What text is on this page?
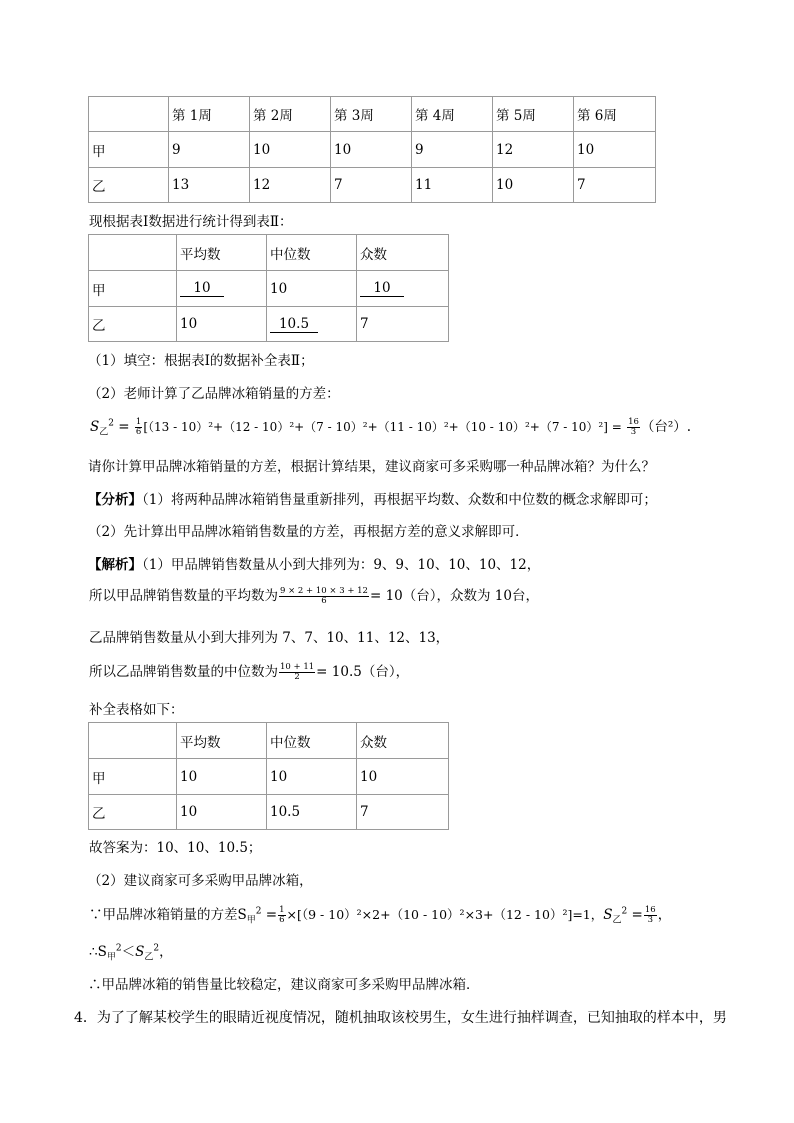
	第 1周	第 2周	第 3周	第 4周	第 5周	第 6周
甲	9	10	10	9	12	10
乙	13	12	7	11	10	7
现根据表Ⅰ数据进行统计得到表Ⅱ：
	平均数	中位数	众数
甲	10	10	10
乙	10	10.5	7
（1）填空：根据表Ⅰ的数据补全表Ⅱ；
（2）老师计算了乙品牌冰箱销量的方差：
$S_乙^2 = \frac{1}{6} [(13 - 10)^2+(12 - 10)^2+(7 - 10)^2+(11 - 10)^2+(10 - 10)^2+(7 - 10)^2] = \frac{16}{3}$ （台²）.
请你计算甲品牌冰箱销量的方差，根据计算结果，建议商家可多采购哪一种品牌冰箱？为什么？
【分析】（1）将两种品牌冰箱销售量重新排列，再根据平均数、众数和中位数的概念求解即可；
（2）先计算出甲品牌冰箱销售数量的方差，再根据方差的意义求解即可．
【解析】（1）甲品牌销售数量从小到大排列为：9、9、10、10、10、12，
所以甲品牌销售数量的平均数为 $\frac{9 \times 2 + 10 \times 3 + 12}{6} = 10$（台），众数为 10台，
乙品牌销售数量从小到大排列为 7、7、10、11、12、13，
所以乙品牌销售数量的中位数为 $\frac{10 + 11}{2} = 10.5$（台），
补全表格如下：
	平均数	中位数	众数
甲	10	10	10
乙	10	10.5	7
故答案为：10、10、10.5；
（2）建议商家可多采购甲品牌冰箱，
∵甲品牌冰箱销量的方差$S_甲^2 = \frac{1}{6} \times[(9 - 10)^2\times 2+(10 - 10)^2\times 3+(12 - 10)^2]=1$，$S_乙^2 = \frac{16}{3}$ ，
$\therefore S_甲^2<S_乙^2$，
∴甲品牌冰箱的销售量比较稳定，建议商家可多采购甲品牌冰箱．
4．为了了解某校学生的眼睛近视度情况，随机抽取该校男生，女生进行抽样调查，已知抽取的样本中，男
